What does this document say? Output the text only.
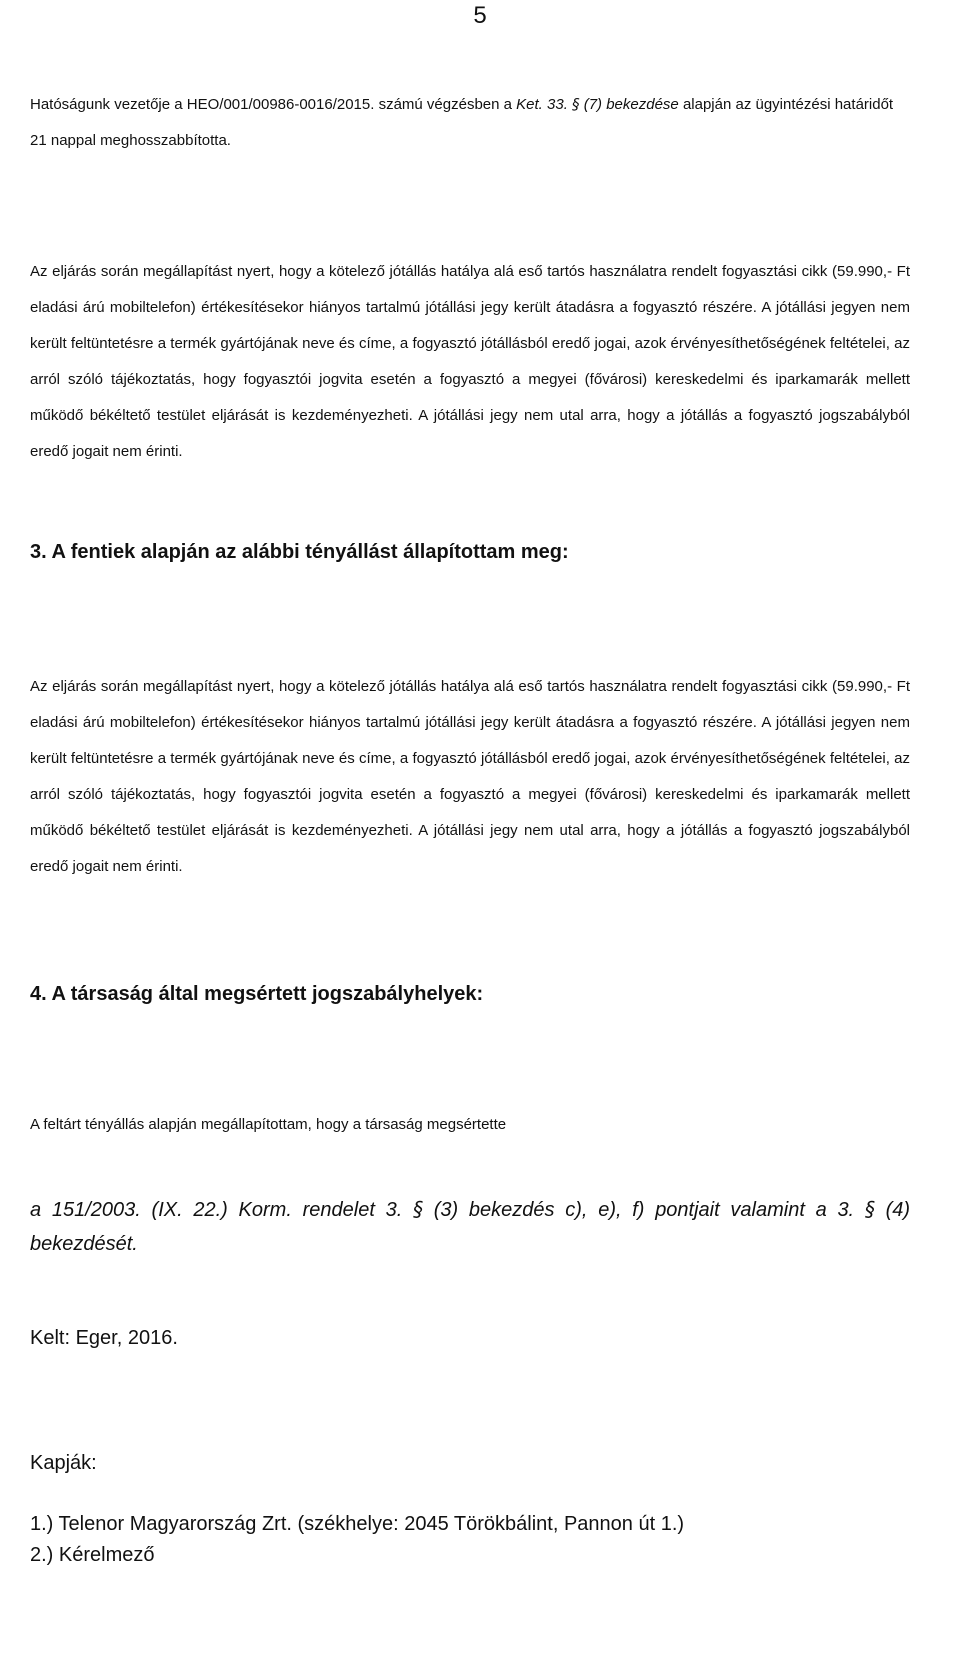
5

Hatóságunk vezetője a HEO/001/00986-0016/2015. számú végzésben a Ket. 33. § (7) bekezdése alapján az ügyintézési határidőt 21 nappal meghosszabbította.

Az eljárás során megállapítást nyert, hogy a kötelező jótállás hatálya alá eső tartós használatra rendelt fogyasztási cikk (59.990,- Ft eladási árú mobiltelefon) értékesítésekor hiányos tartalmú jótállási jegy került átadásra a fogyasztó részére. A jótállási jegyen nem került feltüntetésre a termék gyártójának neve és címe, a fogyasztó jótállásból eredő jogai, azok érvényesíthetőségének feltételei, az arról szóló tájékoztatás, hogy fogyasztói jogvita esetén a fogyasztó a megyei (fővárosi) kereskedelmi és iparkamarák mellett működő békéltető testület eljárását is kezdeményezheti. A jótállási jegy nem utal arra, hogy a jótállás a fogyasztó jogszabályból eredő jogait nem érinti.

3. A fentiek alapján az alábbi tényállást állapítottam meg:

Az eljárás során megállapítást nyert, hogy a kötelező jótállás hatálya alá eső tartós használatra rendelt fogyasztási cikk (59.990,- Ft eladási árú mobiltelefon) értékesítésekor hiányos tartalmú jótállási jegy került átadásra a fogyasztó részére. A jótállási jegyen nem került feltüntetésre a termék gyártójának neve és címe, a fogyasztó jótállásból eredő jogai, azok érvényesíthetőségének feltételei, az arról szóló tájékoztatás, hogy fogyasztói jogvita esetén a fogyasztó a megyei (fővárosi) kereskedelmi és iparkamarák mellett működő békéltető testület eljárását is kezdeményezheti. A jótállási jegy nem utal arra, hogy a jótállás a fogyasztó jogszabályból eredő jogait nem érinti.

4. A társaság által megsértett jogszabályhelyek:

A feltárt tényállás alapján megállapítottam, hogy a társaság megsértette

a 151/2003. (IX. 22.) Korm. rendelet 3. § (3) bekezdés c), e), f) pontjait valamint a 3. § (4) bekezdését.

Kelt: Eger, 2016.

Kapják:

1.) Telenor Magyarország Zrt. (székhelye: 2045 Törökbálint, Pannon út 1.)

2.) Kérelmező
